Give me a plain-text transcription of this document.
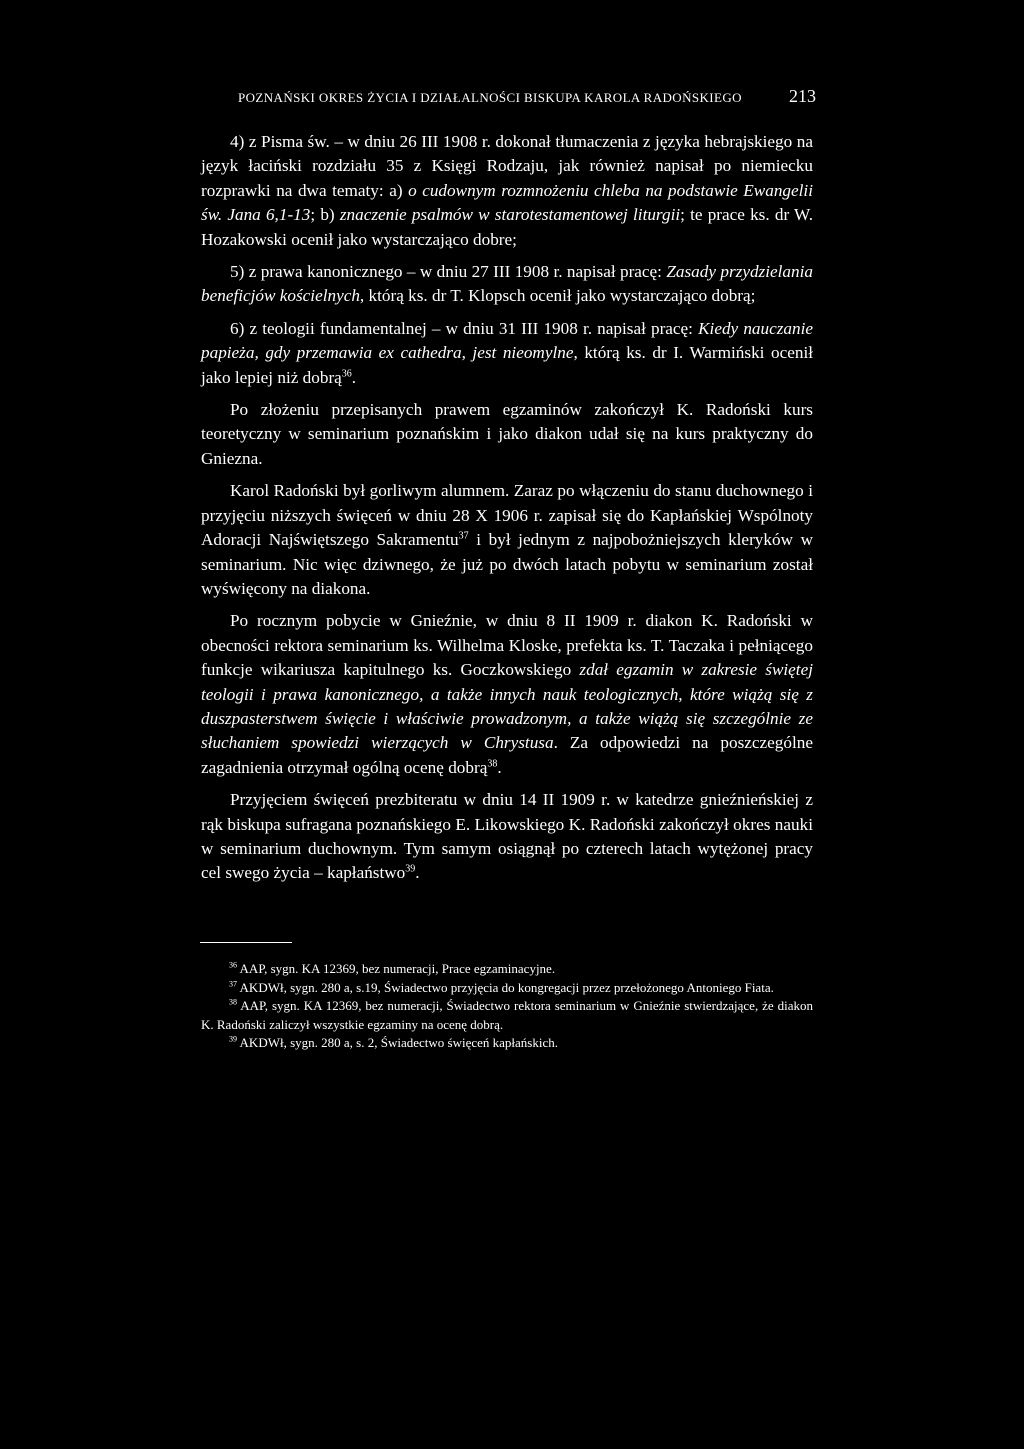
POZNAŃSKI OKRES ŻYCIA I DZIAŁALNOŚCI BISKUPA KAROLA RADOŃSKIEGO	213

4) z Pisma św. – w dniu 26 III 1908 r. dokonał tłumaczenia z języka hebrajskiego na język łaciński rozdziału 35 z Księgi Rodzaju, jak również napisał po niemiecku rozprawki na dwa tematy: a) o cudownym rozmnożeniu chleba na podstawie Ewangelii św. Jana 6,1-13; b) znaczenie psalmów w starotestamentowej liturgii; te prace ks. dr W. Hozakowski ocenił jako wystarczająco dobre;

5) z prawa kanonicznego – w dniu 27 III 1908 r. napisał pracę: Zasady przydzielania beneficjów kościelnych, którą ks. dr T. Klopsch ocenił jako wystarczająco dobrą;

6) z teologii fundamentalnej – w dniu 31 III 1908 r. napisał pracę: Kiedy nauczanie papieża, gdy przemawia ex cathedra, jest nieomylne, którą ks. dr I. Warmiński ocenił jako lepiej niż dobrą$^{36}$.

Po złożeniu przepisanych prawem egzaminów zakończył K. Radoński kurs teoretyczny w seminarium poznańskim i jako diakon udał się na kurs praktyczny do Gniezna.

Karol Radoński był gorliwym alumnem. Zaraz po włączeniu do stanu duchownego i przyjęciu niższych święceń w dniu 28 X 1906 r. zapisał się do Kapłańskiej Wspólnoty Adoracji Najświętszego Sakramentu$^{37}$ i był jednym z najpobożniejszych kleryków w seminarium. Nic więc dziwnego, że już po dwóch latach pobytu w seminarium został wyświęcony na diakona.

Po rocznym pobycie w Gnieźnie, w dniu 8 II 1909 r. diakon K. Radoński w obecności rektora seminarium ks. Wilhelma Kloske, prefekta ks. T. Taczaka i pełniącego funkcje wikariusza kapitulnego ks. Goczkowskiego zdał egzamin w zakresie świętej teologii i prawa kanonicznego, a także innych nauk teologicznych, które wiążą się z duszpasterstwem święcie i właściwie prowadzonym, a także wiążą się szczególnie ze słuchaniem spowiedzi wierzących w Chrystusa. Za odpowiedzi na poszczególne zagadnienia otrzymał ogólną ocenę dobrą$^{38}$.

Przyjęciem święceń prezbiteratu w dniu 14 II 1909 r. w katedrze gnieźnieńskiej z rąk biskupa sufragana poznańskiego E. Likowskiego K. Radoński zakończył okres nauki w seminarium duchownym. Tym samym osiągnął po czterech latach wytężonej pracy cel swego życia – kapłaństwo$^{39}$.

$^{36}$ AAP, sygn. KA 12369, bez numeracji, Prace egzaminacyjne.

$^{37}$ AKDWł, sygn. 280 a, s.19, Świadectwo przyjęcia do kongregacji przez przełożonego Antoniego Fiata.

$^{38}$ AAP, sygn. KA 12369, bez numeracji, Świadectwo rektora seminarium w Gnieźnie stwierdzające, że diakon K. Radoński zaliczył wszystkie egzaminy na ocenę dobrą.

$^{39}$ AKDWł, sygn. 280 a, s. 2, Świadectwo święceń kapłańskich.
